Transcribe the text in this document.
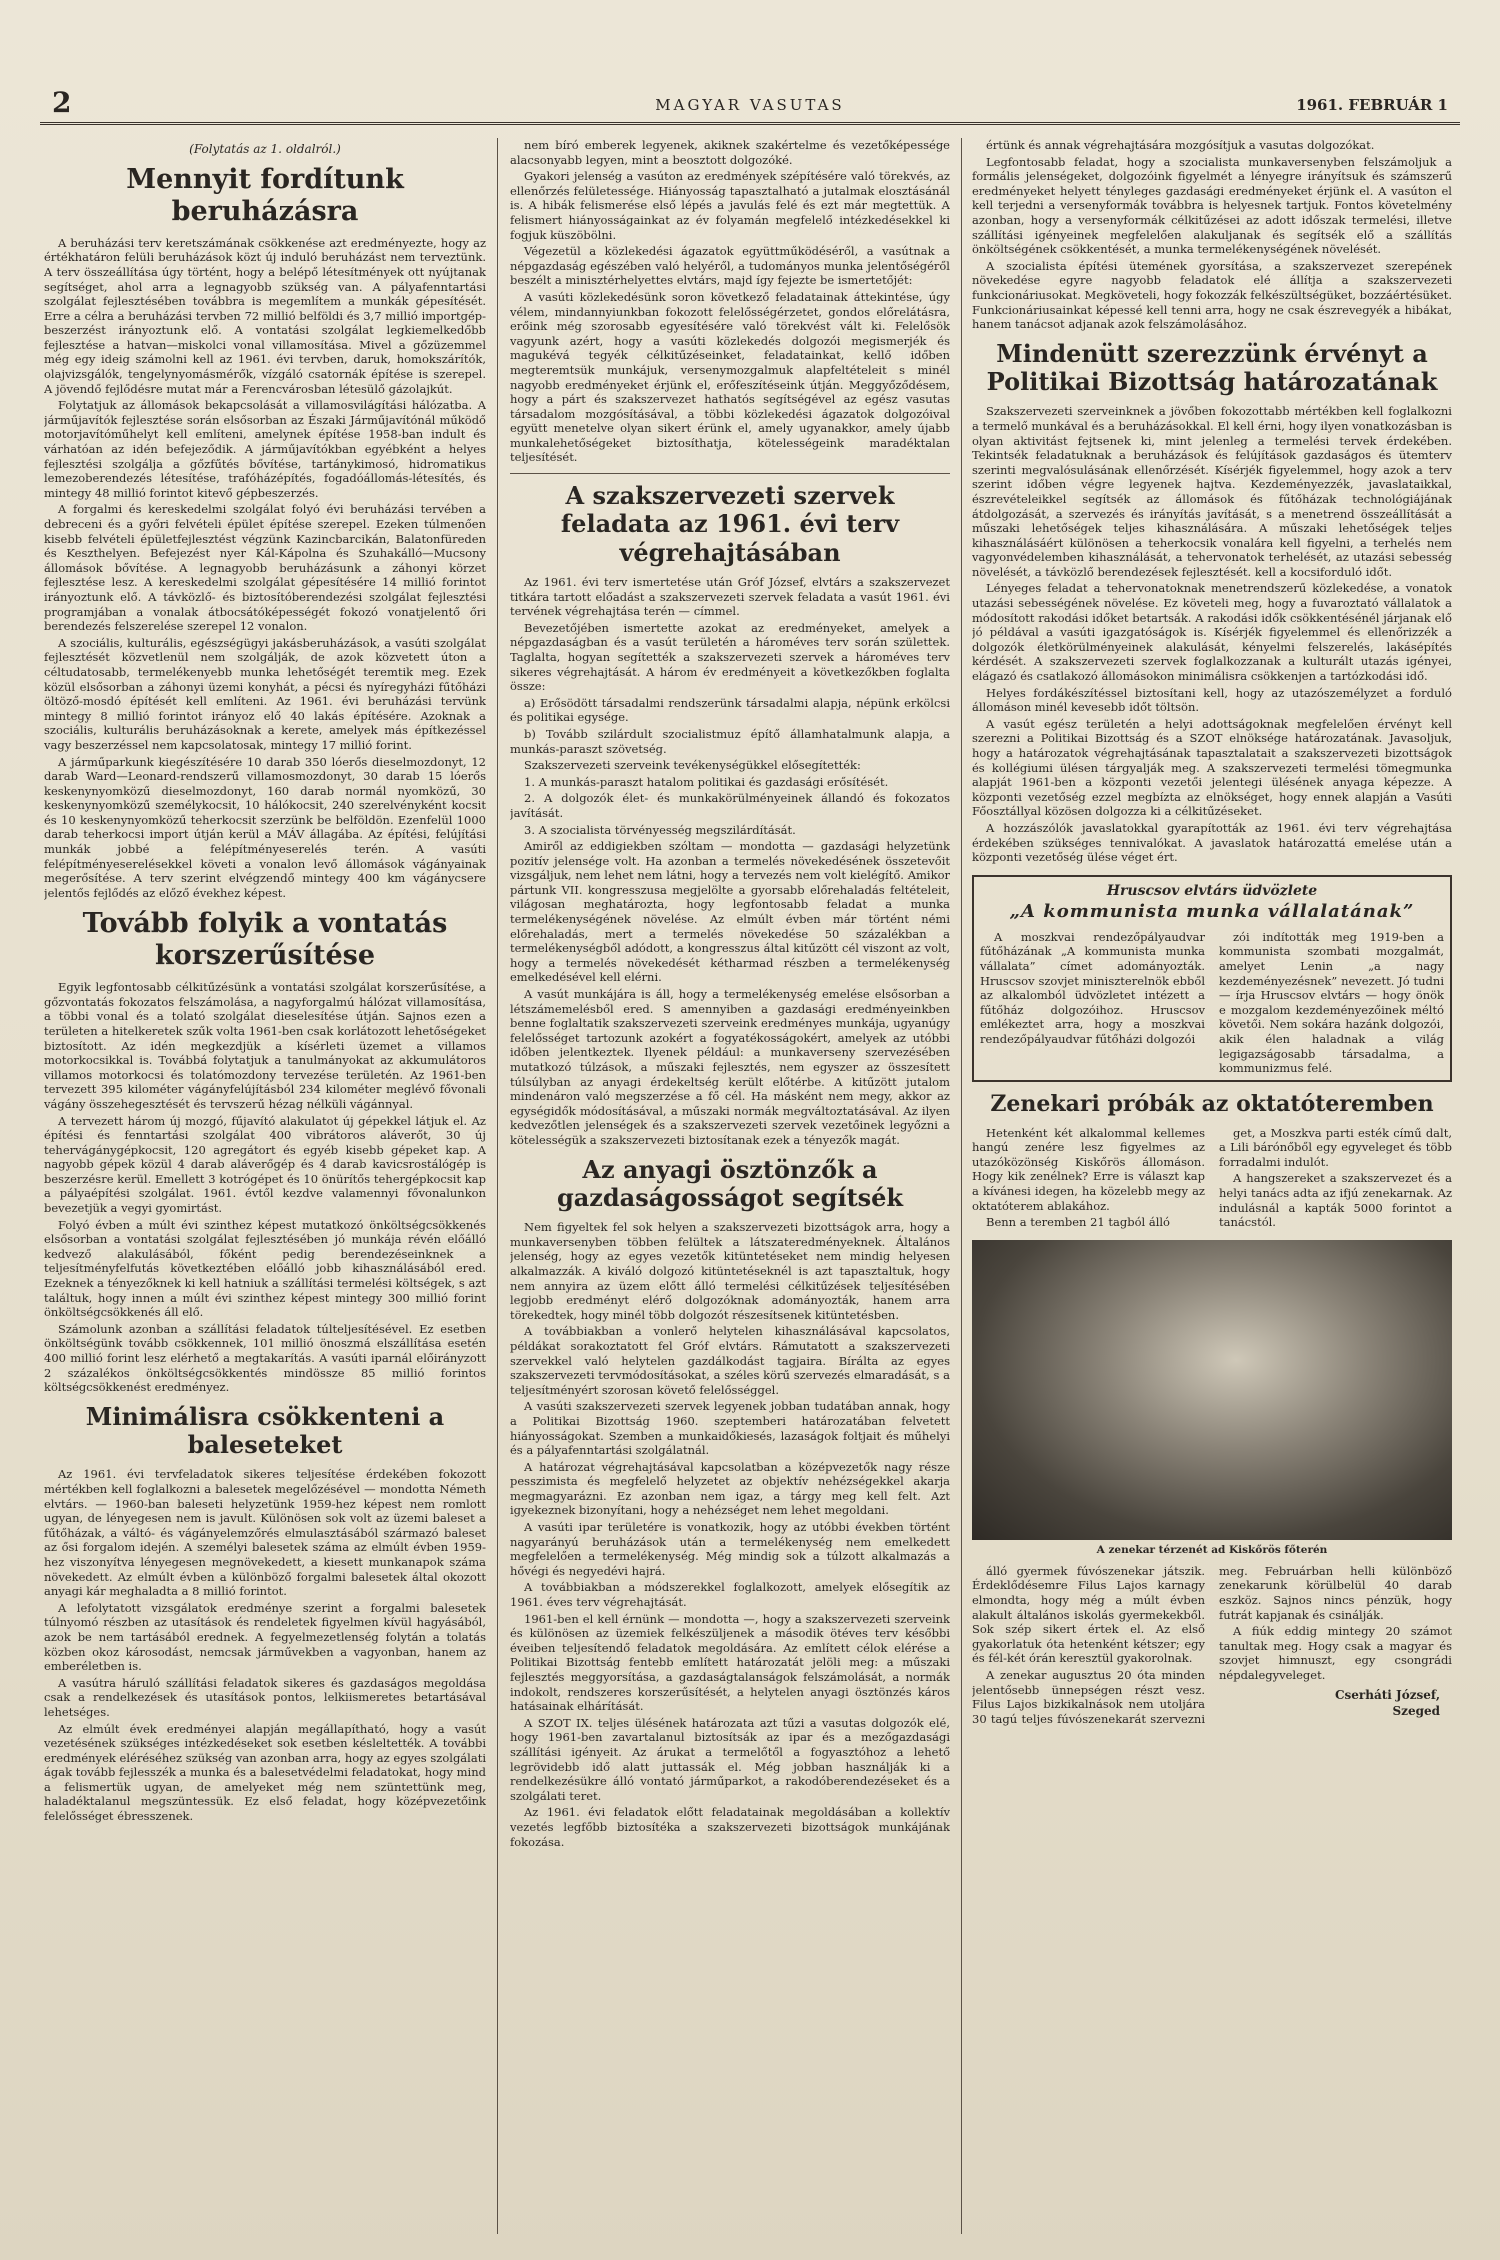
2	MAGYAR VASUTAS	1961. FEBRUÁR 1
(Folytatás az 1. oldalról.)
Mennyit fordítunk beruházásra

A beruházási terv keretszámának csökkenése azt eredményezte, hogy az értékhatáron felüli beruházások közt új induló beruházást nem terveztünk. A terv összeállítása úgy történt, hogy a belépő létesítmények ott nyújtanak segítséget, ahol arra a legnagyobb szükség van. A pályafenntartási szolgálat fejlesztésében továbbra is megemlítem a munkák gépesítését. Erre a célra a beruházási tervben 72 millió belföldi és 3,7 millió importgép-beszerzést irányoztunk elő. A vontatási szolgálat legkiemelkedőbb fejlesztése a hatvan—miskolci vonal villamosítása. Mivel a gőzüzemmel még egy ideig számolni kell az 1961. évi tervben, daruk, homokszárítók, olajvizsgálók, tengelynyomásmérők, vízgáló csatornák építése is szerepel. A jövendő fejlődésre mutat már a Ferencvárosban létesülő gázolajkút.

Folytatjuk az állomások bekapcsolását a villamosvilágítási hálózatba. A járműjavítók fejlesztése során elsősorban az Északi Járműjavítónál működő motorjavítóműhelyt kell említeni, amelynek építése 1958-ban indult és várhatóan az idén befejeződik. A járműjavítókban egyébként a helyes fejlesztési szolgálja a gőzfűtés bővítése, tartánykimosó, hidromatikus lemezoberendezés létesítése, trafóházépítés, fogadóállomás-létesítés, és mintegy 48 millió forintot kitevő gépbeszerzés.

A forgalmi és kereskedelmi szolgálat folyó évi beruházási tervében a debreceni és a győri felvételi épület építése szerepel. Ezeken túlmenően kisebb felvételi épületfejlesztést végzünk Kazincbarcikán, Balatonfüreden és Keszthelyen. Befejezést nyer Kál-Kápolna és Szuhakálló—Mucsony állomások bővítése. A legnagyobb beruházásunk a záhonyi körzet fejlesztése lesz. A kereskedelmi szolgálat gépesítésére 14 millió forintot irányoztunk elő. A távközlő- és biztosítóberendezési szolgálat fejlesztési programjában a vonalak átbocsátóképességét fokozó vonatjelentő őri berendezés felszerelése szerepel 12 vonalon.

A szociális, kulturális, egészségügyi jakásberuházások, a vasúti szolgálat fejlesztését közvetlenül nem szolgálják, de azok közvetett úton a céltudatosabb, termelékenyebb munka lehetőségét teremtik meg. Ezek közül elsősorban a záhonyi üzemi konyhát, a pécsi és nyíregyházi fűtőházi öltöző-mosdó építését kell említeni. Az 1961. évi beruházási tervünk mintegy 8 millió forintot irányoz elő 40 lakás építésére. Azoknak a szociális, kulturális beruházásoknak a kerete, amelyek más építkezéssel vagy beszerzéssel nem kapcsolatosak, mintegy 17 millió forint.

A járműparkunk kiegészítésére 10 darab 350 lóerős dieselmozdonyt, 12 darab Ward—Leonard-rendszerű villamosmozdonyt, 30 darab 15 lóerős keskenynyomközű dieselmozdonyt, 160 darab normál nyomközű, 30 keskenynyomközű személykocsit, 10 hálókocsit, 240 szerelvényként kocsit és 10 keskenynyomközű teherkocsit szerzünk be belföldön. Ezenfelül 1000 darab teherkocsi import útján kerül a MÁV állagába. Az építési, felújítási munkák jobbé a felépítményeserelés terén. A vasúti felépítményeserelésekkel követi a vonalon levő állomások vágányainak megerősítése. A terv szerint elvégzendő mintegy 400 km vágánycsere jelentős fejlődés az előző évekhez képest.

Tovább folyik a vontatás korszerűsítése

Egyik legfontosabb célkitűzésünk a vontatási szolgálat korszerűsítése, a gőzvontatás fokozatos felszámolása, a nagyforgalmú hálózat villamosítása, a többi vonal és a tolató szolgálat dieselesítése útján. Sajnos ezen a területen a hitelkeretek szűk volta 1961-ben csak korlátozott lehetőségeket biztosított. Az idén megkezdjük a kísérleti üzemet a villamos motorkocsikkal is. Továbbá folytatjuk a tanulmányokat az akkumulátoros villamos motorkocsi és tolatómozdony tervezése területén. Az 1961-ben tervezett 395 kilométer vágányfelújításból 234 kilométer meglévő fővonali vágány összehegesztését és tervszerű hézag nélküli vágánnyal.

A tervezett három új mozgó, fűjavító alakulatot új gépekkel látjuk el. Az építési és fenntartási szolgálat 400 vibrátoros aláverőt, 30 új tehervágánygépkocsit, 120 agregátort és egyéb kisebb gépeket kap. A nagyobb gépek közül 4 darab aláverőgép és 4 darab kavicsrostálógép is beszerzésre kerül. Emellett 3 kotrógépet és 10 önürítős tehergépkocsit kap a pályaépítési szolgálat. 1961. évtől kezdve valamennyi fővonalunkon bevezetjük a vegyi gyomirtást.

Folyó évben a múlt évi szinthez képest mutatkozó önköltségcsökkenés elsősorban a vontatási szolgálat fejlesztésében jó munkája révén előálló kedvező alakulásából, főként pedig berendezéseinknek a teljesítményfelfutás következtében előálló jobb kihasználásából ered. Ezeknek a tényezőknek ki kell hatniuk a szállítási termelési költségek, s azt találtuk, hogy innen a múlt évi szinthez képest mintegy 300 millió forint önköltségcsökkenés áll elő.

Számolunk azonban a szállítási feladatok túlteljesítésével. Ez esetben önköltségünk tovább csökkennek, 101 millió önoszmá elszállítása esetén 400 millió forint lesz elérhető a megtakarítás. A vasúti iparnál előirányzott 2 százalékos önköltségcsökkentés mindössze 85 millió forintos költségcsökkenést eredményez.

Minimálisra csökkenteni a baleseteket

Az 1961. évi tervfeladatok sikeres teljesítése érdekében fokozott mértékben kell foglalkozni a balesetek megelőzésével — mondotta Németh elvtárs. — 1960-ban baleseti helyzetünk 1959-hez képest nem romlott ugyan, de lényegesen nem is javult. Különösen sok volt az üzemi baleset a fűtőházak, a váltó- és vágányelemzőrés elmulasztásából származó baleset az ősi forgalom idején. A személyi balesetek száma az elmúlt évben 1959-hez viszonyítva lényegesen megnövekedett, a kiesett munkanapok száma növekedett. Az elmúlt évben a különböző forgalmi balesetek által okozott anyagi kár meghaladta a 8 millió forintot.

A lefolytatott vizsgálatok eredménye szerint a forgalmi balesetek túlnyomó részben az utasítások és rendeletek figyelmen kívül hagyásából, azok be nem tartásából erednek. A fegyelmezetlenség folytán a tolatás közben okoz károsodást, nemcsak járművekben a vagyonban, hanem az emberéletben is.

A vasútra háruló szállítási feladatok sikeres és gazdaságos megoldása csak a rendelkezések és utasítások pontos, lelkiismeretes betartásával lehetséges.

Az elmúlt évek eredményei alapján megállapítható, hogy a vasút vezetésének szükséges intézkedéseket sok esetben késleltették. A további eredmények eléréséhez szükség van azonban arra, hogy az egyes szolgálati ágak tovább fejlesszék a munka és a balesetvédelmi feladatokat, hogy mind a felismertük ugyan, de amelyeket még nem szüntettünk meg, haladéktalanul megszüntessük. Ez első feladat, hogy középvezetőink felelősséget ébresszenek.

nem bíró emberek legyenek, akiknek szakértelme és vezetőképessége alacsonyabb legyen, mint a beosztott dolgozóké.

Gyakori jelenség a vasúton az eredmények szépítésére való törekvés, az ellenőrzés felületessége. Hiányosság tapasztalható a jutalmak elosztásánál is. A hibák felismerése első lépés a javulás felé és ezt már megtettük. A felismert hiányosságainkat az év folyamán megfelelő intézkedésekkel ki fogjuk küszöbölni.

Végezetül a közlekedési ágazatok együttműködéséről, a vasútnak a népgazdaság egészében való helyéről, a tudományos munka jelentőségéről beszélt a minisztérhelyettes elvtárs, majd így fejezte be ismertetőjét:

A vasúti közlekedésünk soron következő feladatainak áttekintése, úgy vélem, mindannyiunkban fokozott felelősségérzetet, gondos előrelátásra, erőink még szorosabb egyesítésére való törekvést vált ki. Felelősök vagyunk azért, hogy a vasúti közlekedés dolgozói megismerjék és magukévá tegyék célkitűzéseinket, feladatainkat, kellő időben megteremtsük munkájuk, versenymozgalmuk alapfeltételeit s minél nagyobb eredményeket érjünk el, erőfeszítéseink útján. Meggyőződésem, hogy a párt és szakszervezet hathatós segítségével az egész vasutas társadalom mozgósításával, a többi közlekedési ágazatok dolgozóival együtt menetelve olyan sikert érünk el, amely ugyanakkor, amely újabb munkalehetőségeket biztosíthatja, kötelességeink maradéktalan teljesítését.

A szakszervezeti szervek feladata az 1961. évi terv végrehajtásában

Az 1961. évi terv ismertetése után Gróf József, elvtárs a szakszervezet titkára tartott előadást a szakszervezeti szervek feladata a vasút 1961. évi tervének végrehajtása terén — címmel.

Bevezetőjében ismertette azokat az eredményeket, amelyek a népgazdaságban és a vasút területén a hároméves terv során születtek. Taglalta, hogyan segítették a szakszervezeti szervek a hároméves terv sikeres végrehajtását. A három év eredményeit a következőkben foglalta össze:

a) Erősödött társadalmi rendszerünk társadalmi alapja, népünk erkölcsi és politikai egysége.

b) Tovább szilárdult szocialistmuz építő államhatalmunk alapja, a munkás-paraszt szövetség.

Szakszervezeti szerveink tevékenységükkel elősegítették:

1. A munkás-paraszt hatalom politikai és gazdasági erősítését.

2. A dolgozók élet- és munkakörülményeinek állandó és fokozatos javítását.

3. A szocialista törvényesség megszilárdítását.

Amiről az eddigiekben szóltam — mondotta — gazdasági helyzetünk pozitív jelensége volt. Ha azonban a termelés növekedésének összetevőit vizsgáljuk, nem lehet nem látni, hogy a tervezés nem volt kielégítő. Amikor pártunk VII. kongresszusa megjelölte a gyorsabb előrehaladás feltételeit, világosan meghatározta, hogy legfontosabb feladat a munka termelékenységének növelése. Az elmúlt évben már történt némi előrehaladás, mert a termelés növekedése 50 százalékban a termelékenységből adódott, a kongresszus által kitűzött cél viszont az volt, hogy a termelés növekedését kétharmad részben a termelékenység emelkedésével kell elérni.

A vasút munkájára is áll, hogy a termelékenység emelése elsősorban a létszámemelésből ered. S amennyiben a gazdasági eredményeinkben benne foglaltatik szakszervezeti szerveink eredményes munkája, ugyanúgy felelősséget tartozunk azokért a fogyatékosságokért, amelyek az utóbbi időben jelentkeztek. Ilyenek például: a munkaverseny szervezésében mutatkozó túlzások, a műszaki fejlesztés, nem egyszer az összesített túlsúlyban az anyagi érdekeltség került előtérbe. A kitűzött jutalom mindenáron való megszerzése a fő cél. Ha másként nem megy, akkor az egységidők módosításával, a műszaki normák megváltoztatásával. Az ilyen kedvezőtlen jelenségek és a szakszervezeti szervek vezetőinek legyőzni a kötelességük a szakszervezeti biztosítanak ezek a tényezők magát.

Az anyagi ösztönzők a gazdaságosságot segítsék

Nem figyeltek fel sok helyen a szakszervezeti bizottságok arra, hogy a munkaversenyben többen felültek a látszateredményeknek. Általános jelenség, hogy az egyes vezetők kitüntetéseket nem mindig helyesen alkalmazzák. A kiváló dolgozó kitüntetéseknél is azt tapasztaltuk, hogy nem annyira az üzem előtt álló termelési célkitűzések teljesítésében legjobb eredményt elérő dolgozóknak adományozták, hanem arra törekedtek, hogy minél több dolgozót részesítsenek kitüntetésben.

A továbbiakban a vonlerő helytelen kihasználásával kapcsolatos, példákat sorakoztatott fel Gróf elvtárs. Rámutatott a szakszervezeti szervekkel való helytelen gazdálkodást tagjaira. Bírálta az egyes szakszervezeti tervmódosításokat, a széles körű szervezés elmaradását, s a teljesítményért szorosan követő felelősséggel.

A vasúti szakszervezeti szervek legyenek jobban tudatában annak, hogy a Politikai Bizottság 1960. szeptemberi határozatában felvetett hiányosságokat. Szemben a munkaidőkiesés, lazaságok foltjait és műhelyi és a pályafenntartási szolgálatnál.

A határozat végrehajtásával kapcsolatban a középvezetők nagy része pesszimista és megfelelő helyzetet az objektív nehézségekkel akarja megmagyarázni. Ez azonban nem igaz, a tárgy meg kell felt. Azt igyekeznek bizonyítani, hogy a nehézséget nem lehet megoldani.

A vasúti ipar területére is vonatkozik, hogy az utóbbi években történt nagyarányú beruházások után a termelékenység nem emelkedett megfelelően a termelékenység. Még mindig sok a túlzott alkalmazás a hővégi és negyedévi hajrá.

A továbbiakban a módszerekkel foglalkozott, amelyek elősegítik az 1961. éves terv végrehajtását.

1961-ben el kell érnünk — mondotta —, hogy a szakszervezeti szerveink és különösen az üzemiek felkészüljenek a második ötéves terv későbbi éveiben teljesítendő feladatok megoldására. Az említett célok elérése a Politikai Bizottság fentebb említett határozatát jelöli meg: a műszaki fejlesztés meggyorsítása, a gazdaságtalanságok felszámolását, a normák indokolt, rendszeres korszerűsítését, a helytelen anyagi ösztönzés káros hatásainak elhárítását.

A SZOT IX. teljes ülésének határozata azt tűzi a vasutas dolgozók elé, hogy 1961-ben zavartalanul biztosítsák az ipar és a mezőgazdasági szállítási igényeit. Az árukat a termelőtől a fogyasztóhoz a lehető legrövidebb idő alatt juttassák el. Még jobban használják ki a rendelkezésükre álló vontató járműparkot, a rakodóberendezéseket és a szolgálati teret.

Az 1961. évi feladatok előtt feladatainak megoldásában a kollektív vezetés legfőbb biztosítéka a szakszervezeti bizottságok munkájának fokozása.

értünk és annak végrehajtására mozgósítjuk a vasutas dolgozókat.

Legfontosabb feladat, hogy a szocialista munkaversenyben felszámoljuk a formális jelenségeket, dolgozóink figyelmét a lényegre irányítsuk és számszerű eredményeket helyett tényleges gazdasági eredményeket érjünk el. A vasúton el kell terjedni a versenyformák továbbra is helyesnek tartjuk. Fontos követelmény azonban, hogy a versenyformák célkitűzései az adott időszak termelési, illetve szállítási igényeinek megfelelően alakuljanak és segítsék elő a szállítás önköltségének csökkentését, a munka termelékenységének növelését.

A szocialista építési ütemének gyorsítása, a szakszervezet szerepének növekedése egyre nagyobb feladatok elé állítja a szakszervezeti funkcionáriusokat. Megköveteli, hogy fokozzák felkészültségüket, bozzáértésüket. Funkcionáriusainkat képessé kell tenni arra, hogy ne csak észrevegyék a hibákat, hanem tanácsot adjanak azok felszámolásához.

Mindenütt szerezzünk érvényt a Politikai Bizottság határozatának

Szakszervezeti szerveinknek a jövőben fokozottabb mértékben kell foglalkozni a termelő munkával és a beruházásokkal. El kell érni, hogy ilyen vonatkozásban is olyan aktivitást fejtsenek ki, mint jelenleg a termelési tervek érdekében. Tekintsék feladatuknak a beruházások és felújítások gazdaságos és ütemterv szerinti megvalósulásának ellenőrzését. Kísérjék figyelemmel, hogy azok a terv szerint időben végre legyenek hajtva. Kezdeményezzék, javaslataikkal, észrevételeikkel segítsék az állomások és fűtőházak technológiájának átdolgozását, a szervezés és irányítás javítását, s a menetrend összeállítását a műszaki lehetőségek teljes kihasználására. A műszaki lehetőségek teljes kihasználásáért különösen a teherkocsik vonalára kell figyelni, a terhelés nem vagyonvédelemben kihasználását, a tehervonatok terhelését, az utazási sebesség növelését, a távközlő berendezések fejlesztését. kell a kocsiforduló időt.

Lényeges feladat a tehervonatoknak menetrendszerű közlekedése, a vonatok utazási sebességének növelése. Ez követeli meg, hogy a fuvaroztató vállalatok a módosított rakodási időket betartsák. A rakodási idők csökkentésénél járjanak elő jó példával a vasúti igazgatóságok is. Kísérjék figyelemmel és ellenőrizzék a dolgozók életkörülményeinek alakulását, kényelmi felszerelés, lakásépítés kérdését. A szakszervezeti szervek foglalkozzanak a kulturált utazás igényei, elágazó és csatlakozó állomásokon minimálisra csökkenjen a tartózkodási idő.

Helyes fordákészítéssel biztosítani kell, hogy az utazószemélyzet a forduló állomáson minél kevesebb időt töltsön.

A vasút egész területén a helyi adottságoknak megfelelően érvényt kell szerezni a Politikai Bizottság és a SZOT elnöksége határozatának. Javasoljuk, hogy a határozatok végrehajtásának tapasztalatait a szakszervezeti bizottságok és kollégiumi ülésen tárgyalják meg. A szakszervezeti termelési tömegmunka alapját 1961-ben a központi vezetői jelentegi ülésének anyaga képezze. A központi vezetőség ezzel megbízta az elnökséget, hogy ennek alapján a Vasúti Főosztállyal közösen dolgozza ki a célkitűzéseket.

A hozzászólók javaslatokkal gyarapították az 1961. évi terv végrehajtása érdekében szükséges tennivalókat. A javaslatok határozattá emelése után a központi vezetőség ülése véget ért.

Hruscsov elvtárs üdvözlete
„A kommunista munka vállalatának”

A moszkvai rendezőpályaudvar fűtőházának „A kommunista munka vállalata” címet adományozták. Hruscsov szovjet miniszterelnök ebből az alkalomból üdvözletet intézett a fűtőház dolgozóihoz. Hruscsov emlékeztet arra, hogy a moszkvai rendezőpályaudvar fűtőházi dolgozói

zói indították meg 1919-ben a kommunista szombati mozgalmát, amelyet Lenin „a nagy kezdeményezésnek” nevezett. Jó tudni — írja Hruscsov elvtárs — hogy önök e mozgalom kezdeményezőinek méltó követői. Nem sokára hazánk dolgozói, akik élen haladnak a világ legigazságosabb társadalma, a kommunizmus felé.

Zenekari próbák az oktatóteremben

Hetenként két alkalommal kellemes hangú zenére lesz figyelmes az utazóközönség Kiskőrös állomáson. Hogy kik zenélnek? Erre is választ kap a kívánesi idegen, ha közelebb megy az oktatóterem ablakához.

Benn a teremben 21 tagból álló

get, a Moszkva parti esték című dalt, a Lili bárónőből egy egyveleget és több forradalmi indulót.

A hangszereket a szakszervezet és a helyi tanács adta az ifjú zenekarnak. Az indulásnál a kapták 5000 forintot a tanácstól.

A zenekar térzenét ad Kiskőrös főterén

álló gyermek fúvószenekar játszik. Érdeklődésemre Filus Lajos karnagy elmondta, hogy még a múlt évben alakult általános iskolás gyermekekből. Sok szép sikert értek el. Az első gyakorlatuk óta hetenként kétszer; egy és fél-két órán keresztül gyakorolnak.

A zenekar augusztus 20 óta minden jelentősebb ünnepségen részt vesz. Filus Lajos bizkikalnások nem utoljára 30 tagú teljes fúvószenekarát szervezni meg. Februárban helli különböző zenekarunk körülbelül 40 darab eszköz. Sajnos nincs pénzük, hogy futrát kapjanak és csinálják.

A fiúk eddig mintegy 20 számot tanultak meg. Hogy csak a magyar és szovjet himnuszt, egy csongrádi népdalegyveleget.

Cserháti József,
Szeged
